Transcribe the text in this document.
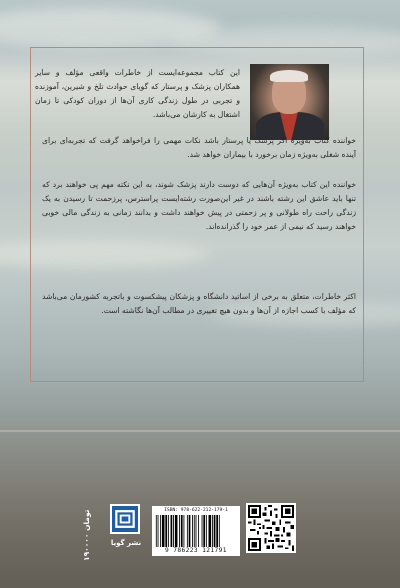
این کتاب مجموعه‌ایست از خاطرات واقعی مؤلف و سایر همکاران پزشک و پرستار که گویای حوادث تلخ و شیرین، آموزنده و تجربی در طول زندگی کاری آن‌ها از دوران کودکی تا زمان اشتغال به کارشان می‌باشد.
خواننده کتاب به‌ویژه اگر پزشک یا پرستار باشد نکات مهمی را فراخواهد گرفت که تجربه‌ای برای آینده شغلی به‌ویژه زمان برخورد با بیماران خواهد شد.
خواننده این کتاب به‌ویژه آن‌هایی که دوست دارند پزشک شوند، به این نکته مهم پی خواهند برد که تنها باید عاشق این رشته باشند در غیر این‌صورت رشته‌ایست پراسترس، پرزحمت تا رسیدن به یک زندگی راحت راه طولانی و پر زحمتی در پیش خواهند داشت و بدانند زمانی به زندگی مالی خوبی خواهند رسید که نیمی از عمر خود را گذرانده‌اند.
اکثر خاطرات، متعلق به برخی از اساتید دانشگاه و پزشکان پیشکسوت و باتجربه کشورمان می‌باشد که مؤلف با کسب اجازه از آن‌ها و بدون هیچ تغییری در مطالب آن‌ها نگاشته است.
ISBN: 978-622-212-179-1
9 786223 121791
نشر گویا
۱۹۰۰۰۰ تومان
